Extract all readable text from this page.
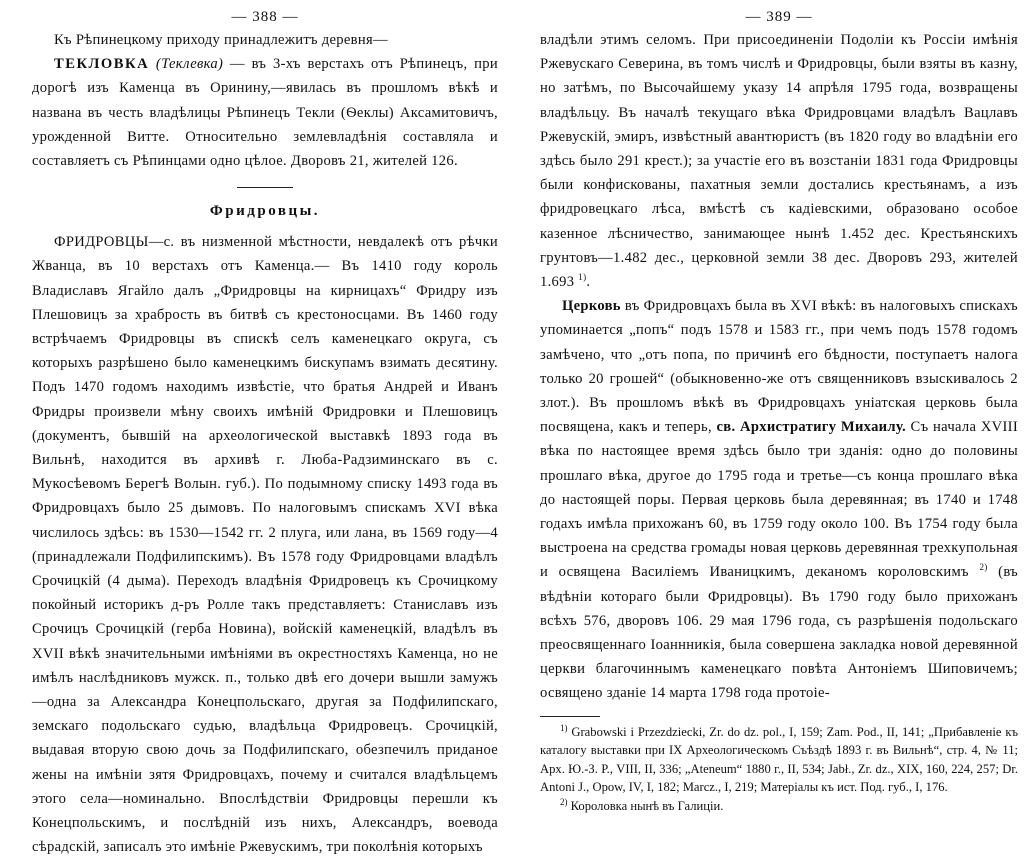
— 388 —

Къ Рѣпинецкому приходу принадлежитъ деревня—

ТЕКЛОВКА (Теклевка) — въ 3-хъ верстахъ отъ Рѣпинецъ, при дорогѣ изъ Каменца въ Оринину,—явилась въ прошломъ вѣкѣ и названа въ честь владѣлицы Рѣпинецъ Текли (Ѳеклы) Аксамитовичъ, урожденной Витте. Относительно землевладѣнія составляла и составляетъ съ Рѣпинцами одно цѣлое. Дворовъ 21, жителей 126.

Фридровцы.

ФРИДРОВЦЫ—с. въ низменной мѣстности, невдалекѣ отъ рѣчки Жванца, въ 10 верстахъ отъ Каменца.— Въ 1410 году король Владиславъ Ягайло далъ „Фридровцы на кирницахъ“ Фридру изъ Плешовицъ за храбрость въ битвѣ съ крестоносцами. Въ 1460 году встрѣчаемъ Фридровцы въ спискѣ селъ каменецкаго округа, съ которыхъ разрѣшено было каменецкимъ бискупамъ взимать десятину. Подъ 1470 годомъ находимъ извѣстіе, что братья Андрей и Иванъ Фридры произвели мѣну своихъ имѣній Фридровки и Плешовицъ (документъ, бывшій на археологической выставкѣ 1893 года въ Вильнѣ, находится въ архивѣ г. Люба-Радзиминскаго въ с. Мукосѣевомъ Берегѣ Волын. губ.). По подымному списку 1493 года въ Фридровцахъ было 25 дымовъ. По налоговымъ спискамъ XVI вѣка числилось здѣсь: въ 1530—1542 гг. 2 плуга, или лана, въ 1569 году—4 (принадлежали Подфилипскимъ). Въ 1578 году Фридровцами владѣлъ Срочицкій (4 дыма). Переходъ владѣнія Фридровецъ къ Срочицкому покойный историкъ д-ръ Ролле такъ представляетъ: Станиславъ изъ Срочицъ Срочицкій (герба Новина), войскій каменецкій, владѣлъ въ XVII вѣкѣ значительными имѣніями въ окрестностяхъ Каменца, но не имѣлъ наслѣдниковъ мужск. п., только двѣ его дочери вышли замужъ—одна за Александра Конецпольскаго, другая за Подфилипскаго, земскаго подольскаго судью, владѣльца Фридровецъ. Срочицкій, выдавая вторую свою дочь за Подфилипскаго, обезпечилъ приданое жены на имѣніи зятя Фридровцахъ, почему и считался владѣльцемъ этого села—номинально. Впослѣдствіи Фридровцы перешли къ Конецпольскимъ, и послѣдній изъ нихъ, Александръ, воевода сѣрадскій, записалъ это имѣніе Ржевускимъ, три поколѣнія которыхъ

— 389 —

владѣли этимъ селомъ. При присоединеніи Подоліи къ Россіи имѣнія Ржевускаго Северина, въ томъ числѣ и Фридровцы, были взяты въ казну, но затѣмъ, по Высочайшему указу 14 апрѣля 1795 года, возвращены владѣльцу. Въ началѣ текущаго вѣка Фридровцами владѣлъ Вацлавъ Ржевускій, эмиръ, извѣстный авантюристъ (въ 1820 году во владѣніи его здѣсь было 291 крест.); за участіе его въ возстаніи 1831 года Фридровцы были конфискованы, пахатныя земли достались крестьянамъ, а изъ фридровецкаго лѣса, вмѣстѣ съ кадіевскими, образовано особое казенное лѣсничество, занимающее нынѣ 1.452 дес. Крестьянскихъ грунтовъ—1.482 дес., церковной земли 38 дес. Дворовъ 293, жителей 1.693 $^{1)}$.

Церковь въ Фридровцахъ была въ XVI вѣкѣ: въ налоговыхъ спискахъ упоминается „попъ“ подъ 1578 и 1583 гг., при чемъ подъ 1578 годомъ замѣчено, что „отъ попа, по причинѣ его бѣдности, поступаетъ налога только 20 грошей“ (обыкновенно-же отъ священниковъ взыскивалось 2 злот.). Въ прошломъ вѣкѣ въ Фридровцахъ уніатская церковь была посвящена, какъ и теперь, св. Архистратигу Михаилу. Съ начала XVIII вѣка по настоящее время здѣсь было три зданія: одно до половины прошлаго вѣка, другое до 1795 года и третье—съ конца прошлаго вѣка до настоящей поры. Первая церковь была деревянная; въ 1740 и 1748 годахъ имѣла прихожанъ 60, въ 1759 году около 100. Въ 1754 году была выстроена на средства громады новая церковь деревянная трехкупольная и освящена Василіемъ Иваницкимъ, деканомъ короловскимъ $^{2)}$ (въ вѣдѣніи котораго были Фридровцы). Въ 1790 году было прихожанъ всѣхъ 576, дворовъ 106. 29 мая 1796 года, съ разрѣшенія подольскаго преосвященнаго Іоаннникія, была совершена закладка новой деревянной церкви благочиннымъ каменецкаго повѣта Антоніемъ Шиповичемъ; освящено зданіе 14 марта 1798 года протоіе-

$^{1)}$ Grabowski i Przezdziecki, Zr. do dz. pol., I, 159; Zam. Pod., II, 141; „Прибавленіе къ каталогу выставки при IX Археологическомъ Съѣздѣ 1893 г. въ Вильнѣ“, стр. 4, № 11; Арх. Ю.-З. Р., VIII, II, 336; „Ateneum“ 1880 г., II, 534; Jabł., Zr. dz., XIX, 160, 224, 257; Dr. Antoni J., Opow, IV, I, 182; Marcz., I, 219; Матеріалы къ ист. Под. губ., I, 176.

$^{2)}$ Короловка нынѣ въ Галиціи.
